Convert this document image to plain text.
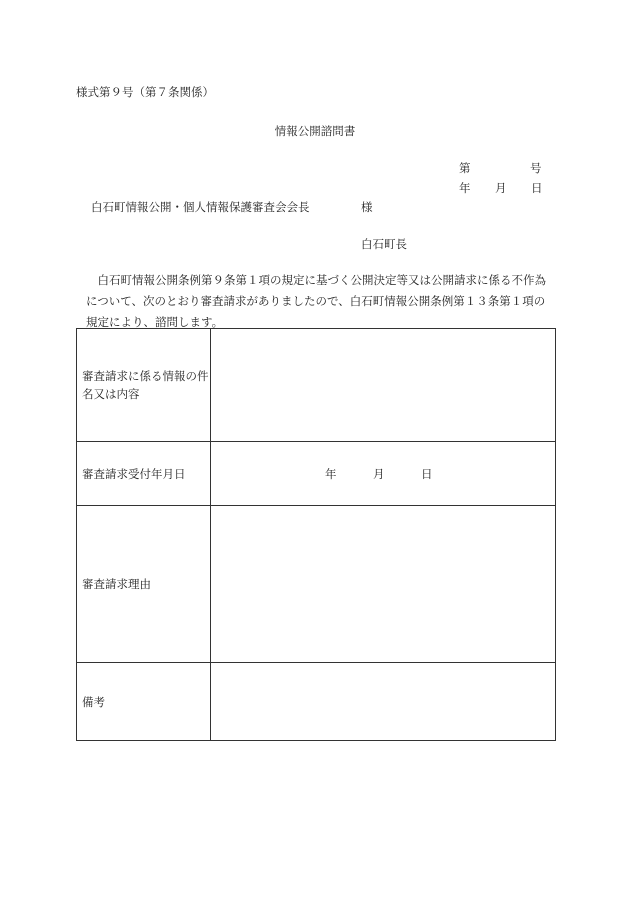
様式第９号（第７条関係）
情報公開諮問書
第	号
年 月 日
白石町情報公開・個人情報保護審査会会長	様
白石町長
白石町情報公開条例第９条第１項の規定に基づく公開決定等又は公開請求に係る不作為について、次のとおり審査請求がありましたので、白石町情報公開条例第１３条第１項の規定により、諮問します。
審査請求に係る情報の件名又は内容	
審査請求受付年月日	年 月 日

審査請求理由	
備考	
